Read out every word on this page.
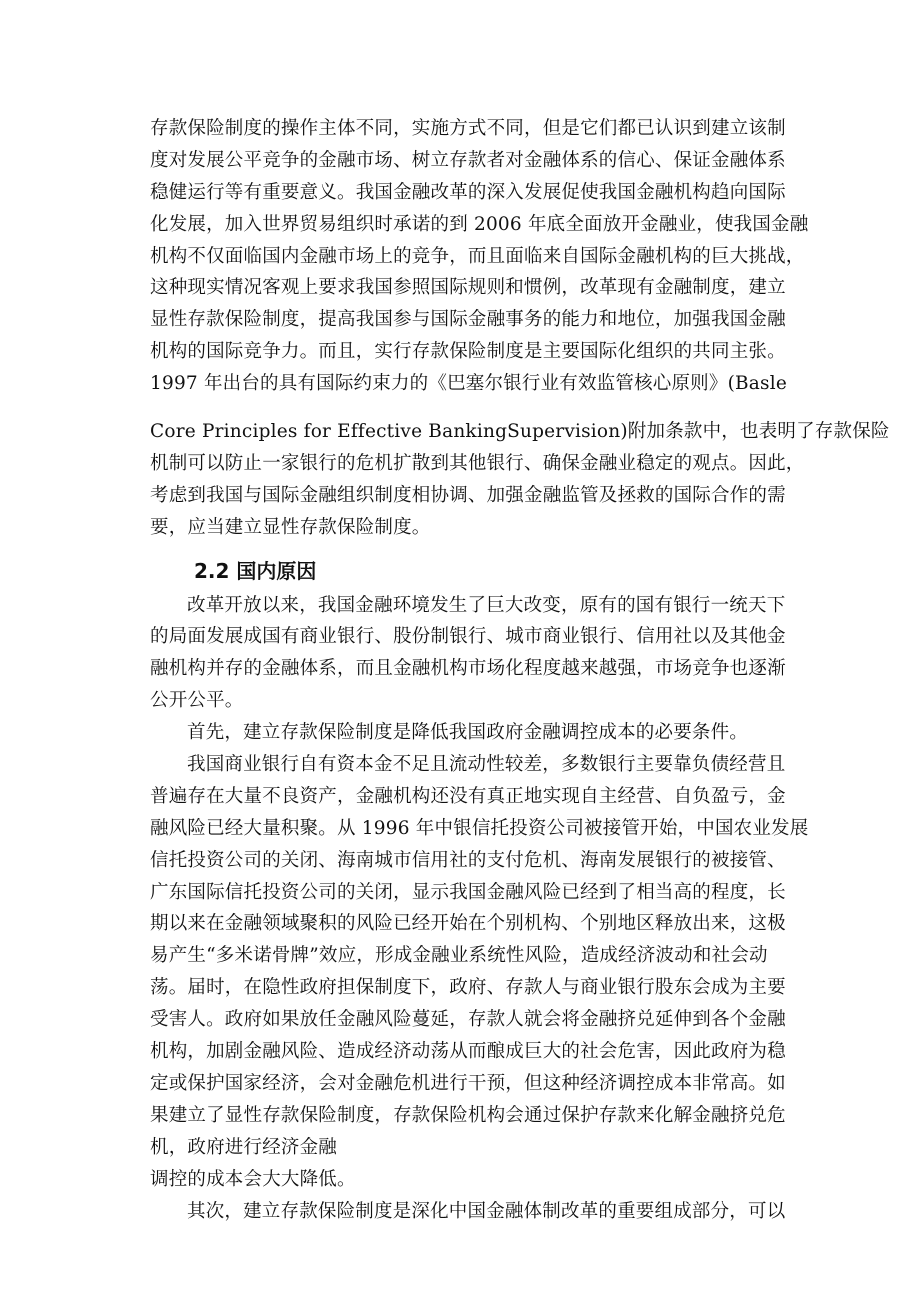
存款保险制度的操作主体不同，实施方式不同，但是它们都已认识到建立该制
度对发展公平竞争的金融市场、树立存款者对金融体系的信心、保证金融体系
稳健运行等有重要意义。我国金融改革的深入发展促使我国金融机构趋向国际
化发展，加入世界贸易组织时承诺的到 2006 年底全面放开金融业，使我国金融
机构不仅面临国内金融市场上的竞争，而且面临来自国际金融机构的巨大挑战，
这种现实情况客观上要求我国参照国际规则和惯例，改革现有金融制度，建立
显性存款保险制度，提高我国参与国际金融事务的能力和地位，加强我国金融
机构的国际竞争力。而且，实行存款保险制度是主要国际化组织的共同主张。
1997 年出台的具有国际约束力的《巴塞尔银行业有效监管核心原则》(Basle
Core Principles for Effective BankingSupervision)附加条款中，也表明了存款保险
机制可以防止一家银行的危机扩散到其他银行、确保金融业稳定的观点。因此，
考虑到我国与国际金融组织制度相协调、加强金融监管及拯救的国际合作的需
要，应当建立显性存款保险制度。
2.2 国内原因
改革开放以来，我国金融环境发生了巨大改变，原有的国有银行一统天下
的局面发展成国有商业银行、股份制银行、城市商业银行、信用社以及其他金
融机构并存的金融体系，而且金融机构市场化程度越来越强，市场竞争也逐渐
公开公平。
首先，建立存款保险制度是降低我国政府金融调控成本的必要条件。
我国商业银行自有资本金不足且流动性较差，多数银行主要靠负债经营且
普遍存在大量不良资产，金融机构还没有真正地实现自主经营、自负盈亏，金
融风险已经大量积聚。从 1996 年中银信托投资公司被接管开始，中国农业发展
信托投资公司的关闭、海南城市信用社的支付危机、海南发展银行的被接管、
广东国际信托投资公司的关闭，显示我国金融风险已经到了相当高的程度，长
期以来在金融领域聚积的风险已经开始在个别机构、个别地区释放出来，这极
易产生“多米诺骨牌”效应，形成金融业系统性风险，造成经济波动和社会动
荡。届时，在隐性政府担保制度下，政府、存款人与商业银行股东会成为主要
受害人。政府如果放任金融风险蔓延，存款人就会将金融挤兑延伸到各个金融
机构，加剧金融风险、造成经济动荡从而酿成巨大的社会危害，因此政府为稳
定或保护国家经济，会对金融危机进行干预，但这种经济调控成本非常高。如
果建立了显性存款保险制度，存款保险机构会通过保护存款来化解金融挤兑危
机，政府进行经济金融
调控的成本会大大降低。
其次，建立存款保险制度是深化中国金融体制改革的重要组成部分，可以
